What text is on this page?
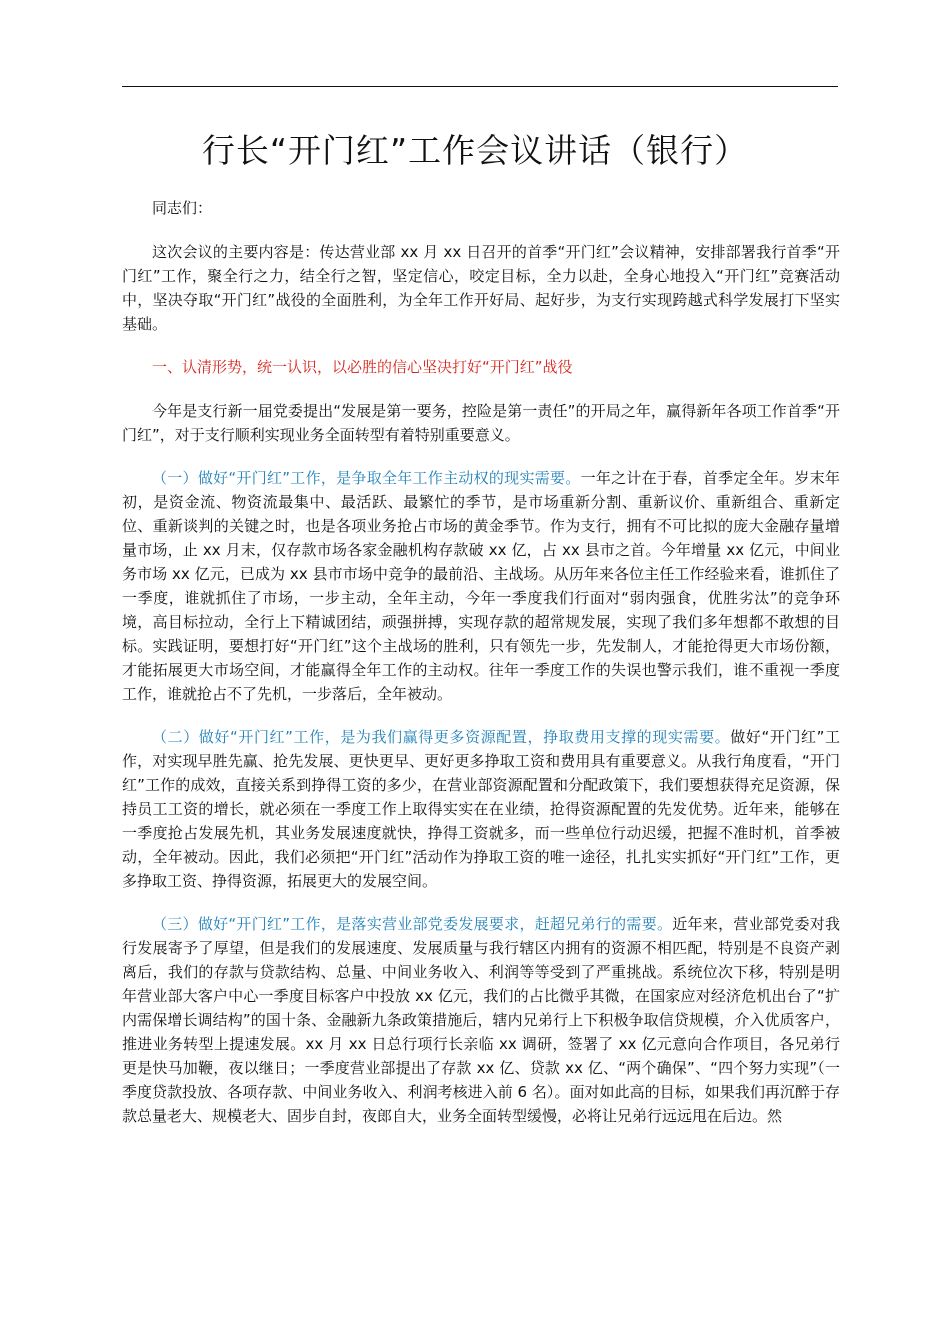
行长“开门红”工作会议讲话（银行）

同志们：

这次会议的主要内容是：传达营业部 xx 月 xx 日召开的首季“开门红”会议精神，安排部署我行首季“开门红”工作，聚全行之力，结全行之智，坚定信心，咬定目标，全力以赴，全身心地投入“开门红”竞赛活动中，坚决夺取“开门红”战役的全面胜利，为全年工作开好局、起好步，为支行实现跨越式科学发展打下坚实基础。

一、认清形势，统一认识，以必胜的信心坚决打好“开门红”战役

今年是支行新一届党委提出“发展是第一要务，控险是第一责任”的开局之年，赢得新年各项工作首季“开门红”，对于支行顺利实现业务全面转型有着特别重要意义。

（一）做好“开门红”工作，是争取全年工作主动权的现实需要。一年之计在于春，首季定全年。岁末年初，是资金流、物资流最集中、最活跃、最繁忙的季节，是市场重新分割、重新议价、重新组合、重新定位、重新谈判的关键之时，也是各项业务抢占市场的黄金季节。作为支行，拥有不可比拟的庞大金融存量增量市场，止 xx 月末，仅存款市场各家金融机构存款破 xx 亿，占 xx 县市之首。今年增量 xx 亿元，中间业务市场 xx 亿元，已成为 xx 县市市场中竞争的最前沿、主战场。从历年来各位主任工作经验来看，谁抓住了一季度，谁就抓住了市场，一步主动，全年主动，今年一季度我们行面对“弱肉强食，优胜劣汰”的竞争环境，高目标拉动，全行上下精诚团结，顽强拼搏，实现存款的超常规发展，实现了我们多年想都不敢想的目标。实践证明，要想打好“开门红”这个主战场的胜利，只有领先一步，先发制人，才能抢得更大市场份额，才能拓展更大市场空间，才能赢得全年工作的主动权。往年一季度工作的失误也警示我们，谁不重视一季度工作，谁就抢占不了先机，一步落后，全年被动。

（二）做好“开门红”工作，是为我们赢得更多资源配置，挣取费用支撑的现实需要。做好“开门红”工作，对实现早胜先赢、抢先发展、更快更早、更好更多挣取工资和费用具有重要意义。从我行角度看，“开门红”工作的成效，直接关系到挣得工资的多少，在营业部资源配置和分配政策下，我们要想获得充足资源，保持员工工资的增长，就必须在一季度工作上取得实实在在业绩，抢得资源配置的先发优势。近年来，能够在一季度抢占发展先机，其业务发展速度就快，挣得工资就多，而一些单位行动迟缓，把握不准时机，首季被动，全年被动。因此，我们必须把“开门红”活动作为挣取工资的唯一途径，扎扎实实抓好“开门红”工作，更多挣取工资、挣得资源，拓展更大的发展空间。

（三）做好“开门红”工作，是落实营业部党委发展要求，赶超兄弟行的需要。近年来，营业部党委对我行发展寄予了厚望，但是我们的发展速度、发展质量与我行辖区内拥有的资源不相匹配，特别是不良资产剥离后，我们的存款与贷款结构、总量、中间业务收入、利润等等受到了严重挑战。系统位次下移，特别是明年营业部大客户中心一季度目标客户中投放 xx 亿元，我们的占比微乎其微，在国家应对经济危机出台了“扩内需保增长调结构”的国十条、金融新九条政策措施后，辖内兄弟行上下积极争取信贷规模，介入优质客户，推进业务转型上提速发展。xx 月 xx 日总行项行长亲临 xx 调研，签署了 xx 亿元意向合作项目，各兄弟行更是快马加鞭，夜以继日；一季度营业部提出了存款 xx 亿、贷款 xx 亿、“两个确保”、“四个努力实现”（一季度贷款投放、各项存款、中间业务收入、利润考核进入前 6 名）。面对如此高的目标，如果我们再沉醉于存款总量老大、规模老大、固步自封，夜郎自大，业务全面转型缓慢，必将让兄弟行远远甩在后边。然
